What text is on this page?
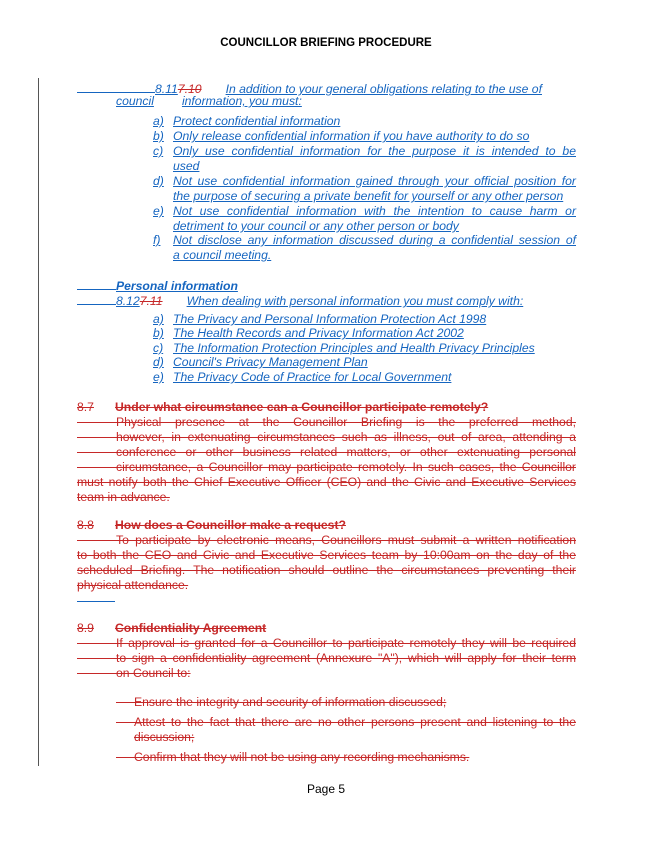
COUNCILLOR BRIEFING PROCEDURE
8.117.10 In addition to your general obligations relating to the use of
council information, you must:
a) Protect confidential information
b) Only release confidential information if you have authority to do so
c) Only use confidential information for the purpose it is intended to be
used
d) Not use confidential information gained through your official position for
the purpose of securing a private benefit for yourself or any other person
e) Not use confidential information with the intention to cause harm or
detriment to your council or any other person or body
f) Not disclose any information discussed during a confidential session of
a council meeting.
Personal information
8.127.11 When dealing with personal information you must comply with:
a) The Privacy and Personal Information Protection Act 1998
b) The Health Records and Privacy Information Act 2002
c) The Information Protection Principles and Health Privacy Principles
d) Council's Privacy Management Plan
e) The Privacy Code of Practice for Local Government
8.7 Under what circumstance can a Councillor participate remotely?
Physical presence at the Councillor Briefing is the preferred method,
however, in extenuating circumstances such as illness, out of area, attending a
conference or other business related matters, or other extenuating personal
circumstance, a Councillor may participate remotely. In such cases, the Councillor
must notify both the Chief Executive Officer (CEO) and the Civic and Executive Services
team in advance.
8.8 How does a Councillor make a request?
To participate by electronic means, Councillors must submit a written notification
to both the CEO and Civic and Executive Services team by 10:00am on the day of the
scheduled Briefing. The notification should outline the circumstances preventing their
physical attendance.
8.9 Confidentiality Agreement
If approval is granted for a Councillor to participate remotely they will be required
to sign a confidentiality agreement (Annexure "A"), which will apply for their term
on Council to:
Ensure the integrity and security of information discussed;
Attest to the fact that there are no other persons present and listening to the
discussion;
Confirm that they will not be using any recording mechanisms.
Page 5
